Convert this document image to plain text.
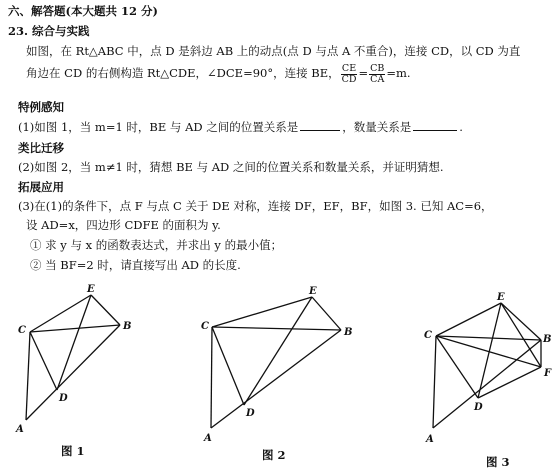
六、解答题(本大题共 12 分)
23. 综合与实践
如图，在 Rt△ABC 中，点 D 是斜边 AB 上的动点(点 D 与点 A 不重合)，连接 CD，以 CD 为直
角边在 CD 的右侧构造 Rt△CDE，∠DCE=90°，连接 BE， $\frac{CE}{CD} = \frac{CB}{CA} =m$.
特例感知
(1)如图 1，当 m=1 时，BE 与 AD 之间的位置关系是	，数量关系是	.
类比迁移
(2)如图 2，当 m≠1 时，猜想 BE 与 AD 之间的位置关系和数量关系，并证明猜想.
拓展应用
(3)在(1)的条件下，点 F 与点 C 关于 DE 对称，连接 DF，EF，BF，如图 3. 已知 AC=6，
设 AD=x，四边形 CDFE 的面积为 y.
① 求 y 与 x 的函数表达式，并求出 y 的最小值；
② 当 BF=2 时，请直接写出 AD 的长度.
C
E
B
D
A
C
E
B
D
A
C
E
B
F
D
A
图 1	图 2	图 3
